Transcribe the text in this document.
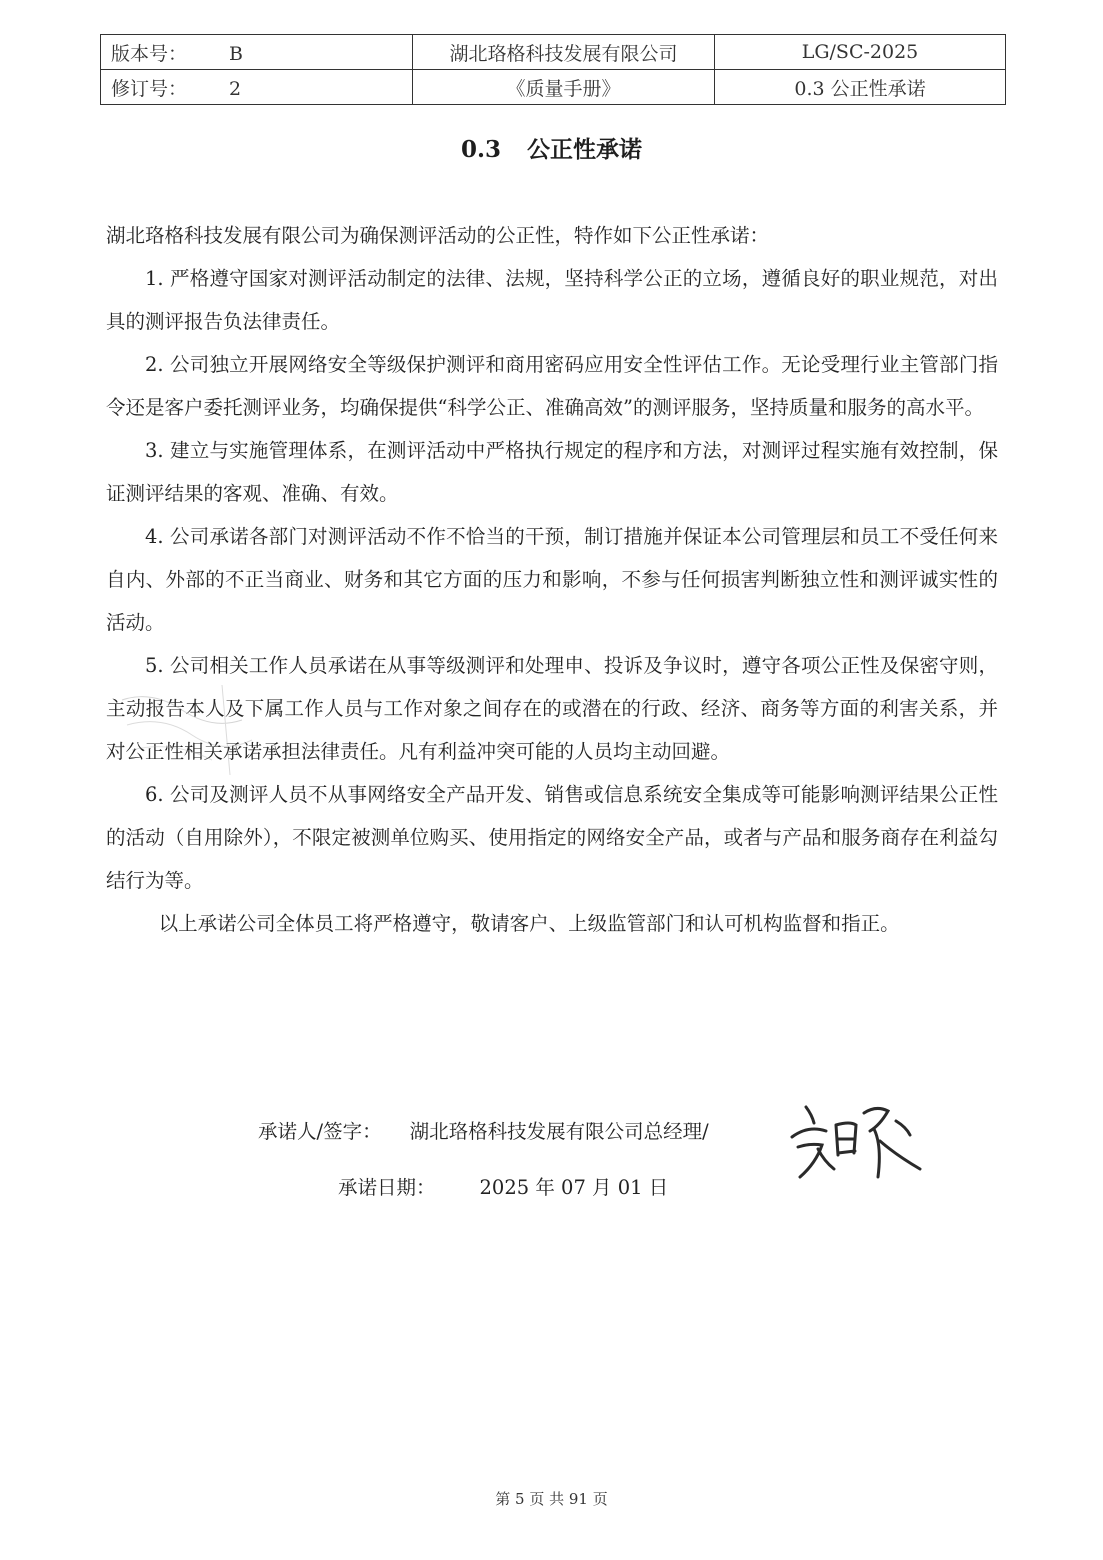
版本号： B	湖北珞格科技发展有限公司	LG/SC-2025
修订号： 2	《质量手册》	0.3 公正性承诺
0.3 公正性承诺

湖北珞格科技发展有限公司为确保测评活动的公正性，特作如下公正性承诺：

1. 严格遵守国家对测评活动制定的法律、法规，坚持科学公正的立场，遵循良好的职业规范，对出具的测评报告负法律责任。

2. 公司独立开展网络安全等级保护测评和商用密码应用安全性评估工作。无论受理行业主管部门指令还是客户委托测评业务，均确保提供“科学公正、准确高效”的测评服务，坚持质量和服务的高水平。

3. 建立与实施管理体系，在测评活动中严格执行规定的程序和方法，对测评过程实施有效控制，保证测评结果的客观、准确、有效。

4. 公司承诺各部门对测评活动不作不恰当的干预，制订措施并保证本公司管理层和员工不受任何来自内、外部的不正当商业、财务和其它方面的压力和影响，不参与任何损害判断独立性和测评诚实性的活动。

5. 公司相关工作人员承诺在从事等级测评和处理申、投诉及争议时，遵守各项公正性及保密守则，主动报告本人及下属工作人员与工作对象之间存在的或潜在的行政、经济、商务等方面的利害关系，并对公正性相关承诺承担法律责任。凡有利益冲突可能的人员均主动回避。

6. 公司及测评人员不从事网络安全产品开发、销售或信息系统安全集成等可能影响测评结果公正性的活动（自用除外），不限定被测单位购买、使用指定的网络安全产品，或者与产品和服务商存在利益勾结行为等。

以上承诺公司全体员工将严格遵守，敬请客户、上级监管部门和认可机构监督和指正。

承诺人/签字： 湖北珞格科技发展有限公司总经理/
承诺日期： 2025 年 07 月 01 日
第 5 页 共 91 页
